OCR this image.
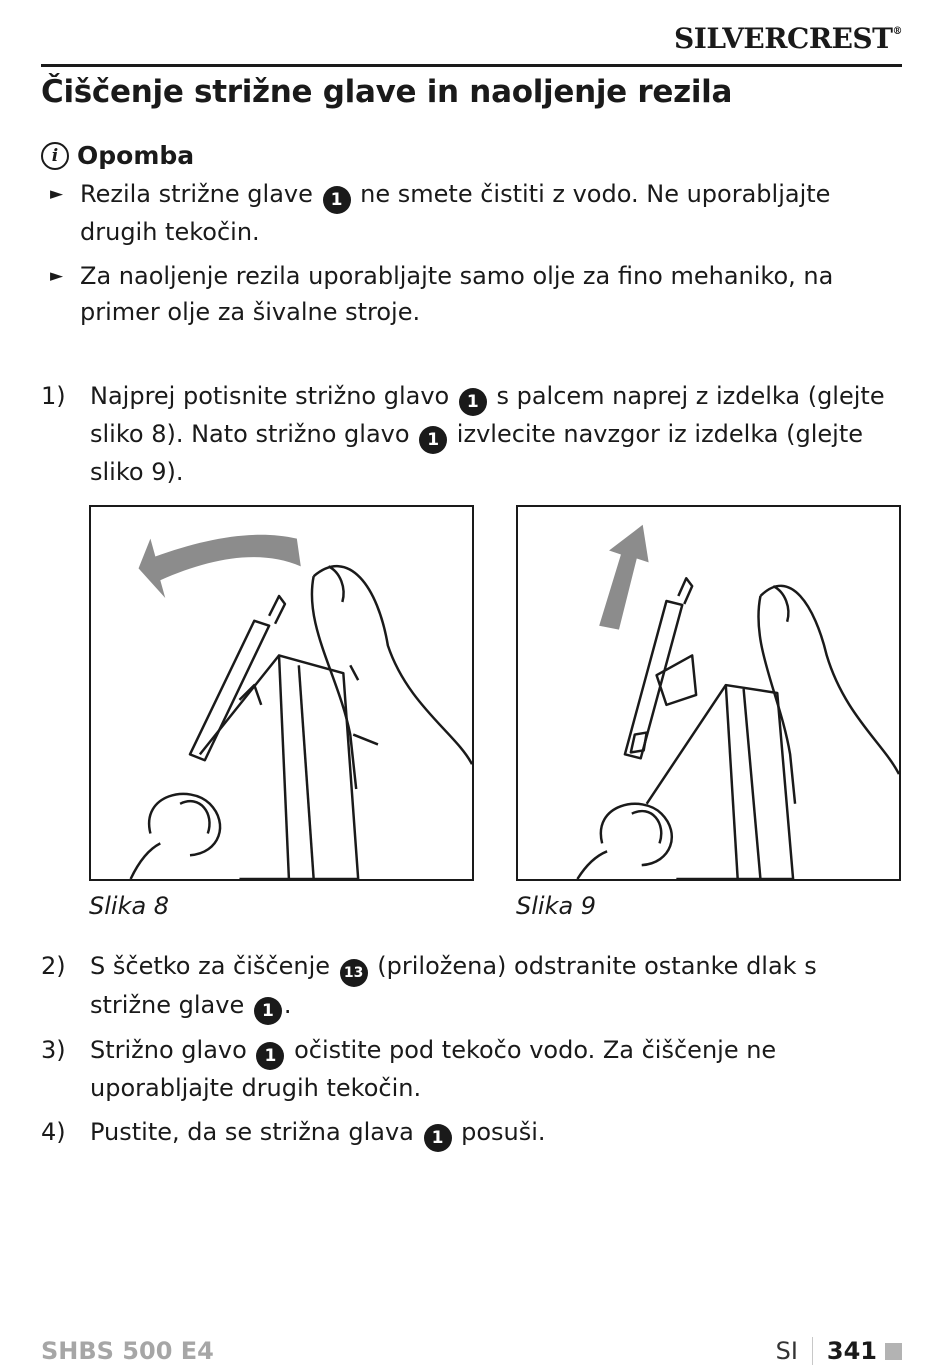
SILVERCREST®
Čiščenje strižne glave in naoljenje rezila
i Opomba
► Rezila strižne glave 1 ne smete čistiti z vodo. Ne uporabljajte drugih tekočin.
► Za naoljenje rezila uporabljajte samo olje za fino mehaniko, na primer olje za šivalne stroje.
1)	Najprej potisnite strižno glavo 1 s palcem naprej z izdelka (glejte sliko 8). Nato strižno glavo 1 izvlecite navzgor iz izdelka (glejte sliko 9).
Slika 8	Slika 9
2)	S ščetko za čiščenje 13 (priložena) odstranite ostanke dlak s strižne glave 1 .
3)	Strižno glavo 1 očistite pod tekočo vodo. Za čiščenje ne uporabljajte drugih tekočin.
4)	Pustite, da se strižna glava 1 posuši.
SHBS 500 E4	SI 341
